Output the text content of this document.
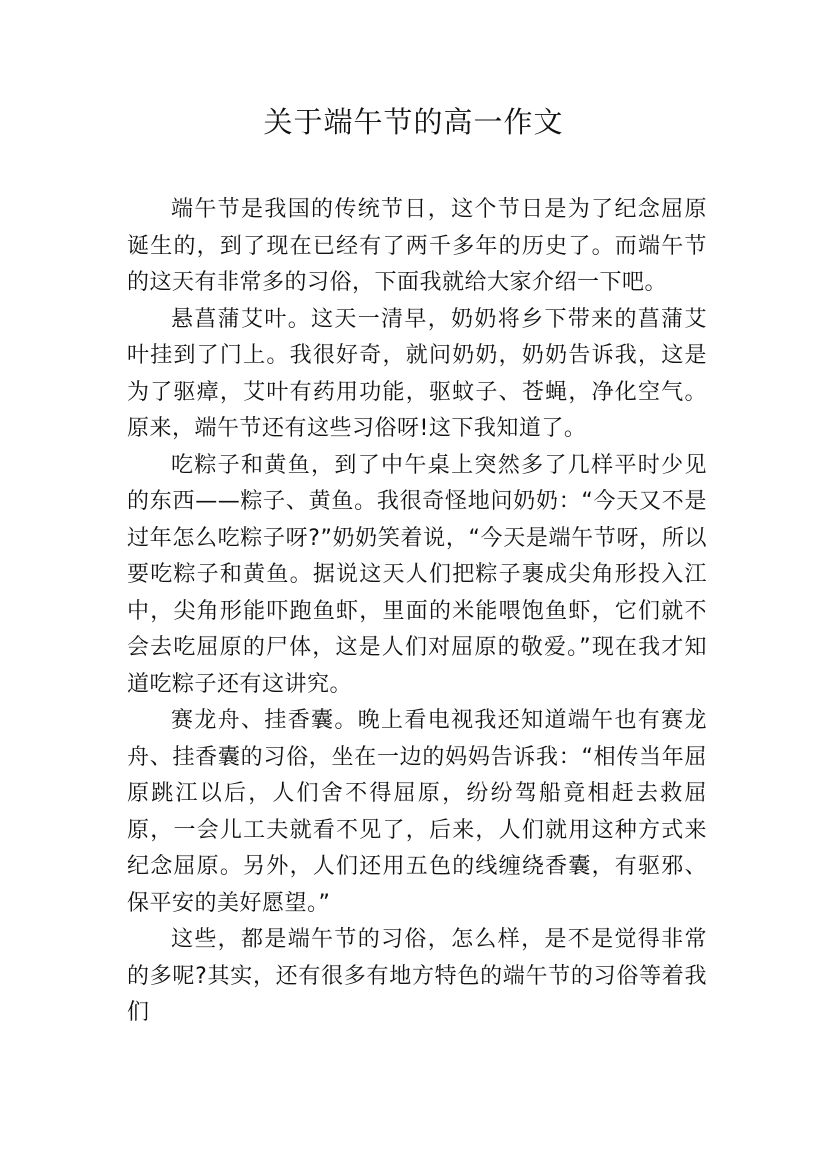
关于端午节的高一作文

端午节是我国的传统节日，这个节日是为了纪念屈原诞生的，到了现在已经有了两千多年的历史了。而端午节的这天有非常多的习俗，下面我就给大家介绍一下吧。

悬菖蒲艾叶。这天一清早，奶奶将乡下带来的菖蒲艾叶挂到了门上。我很好奇，就问奶奶，奶奶告诉我，这是为了驱瘴，艾叶有药用功能，驱蚊子、苍蝇，净化空气。原来，端午节还有这些习俗呀!这下我知道了。

吃粽子和黄鱼，到了中午桌上突然多了几样平时少见的东西——粽子、黄鱼。我很奇怪地问奶奶：“今天又不是过年怎么吃粽子呀?”奶奶笑着说，“今天是端午节呀，所以要吃粽子和黄鱼。据说这天人们把粽子裹成尖角形投入江中，尖角形能吓跑鱼虾，里面的米能喂饱鱼虾，它们就不会去吃屈原的尸体，这是人们对屈原的敬爱。”现在我才知道吃粽子还有这讲究。

赛龙舟、挂香囊。晚上看电视我还知道端午也有赛龙舟、挂香囊的习俗，坐在一边的妈妈告诉我：“相传当年屈原跳江以后，人们舍不得屈原，纷纷驾船竟相赶去救屈原，一会儿工夫就看不见了，后来，人们就用这种方式来纪念屈原。另外，人们还用五色的线缠绕香囊，有驱邪、保平安的美好愿望。”

这些，都是端午节的习俗，怎么样，是不是觉得非常的多呢?其实，还有很多有地方特色的端午节的习俗等着我们
